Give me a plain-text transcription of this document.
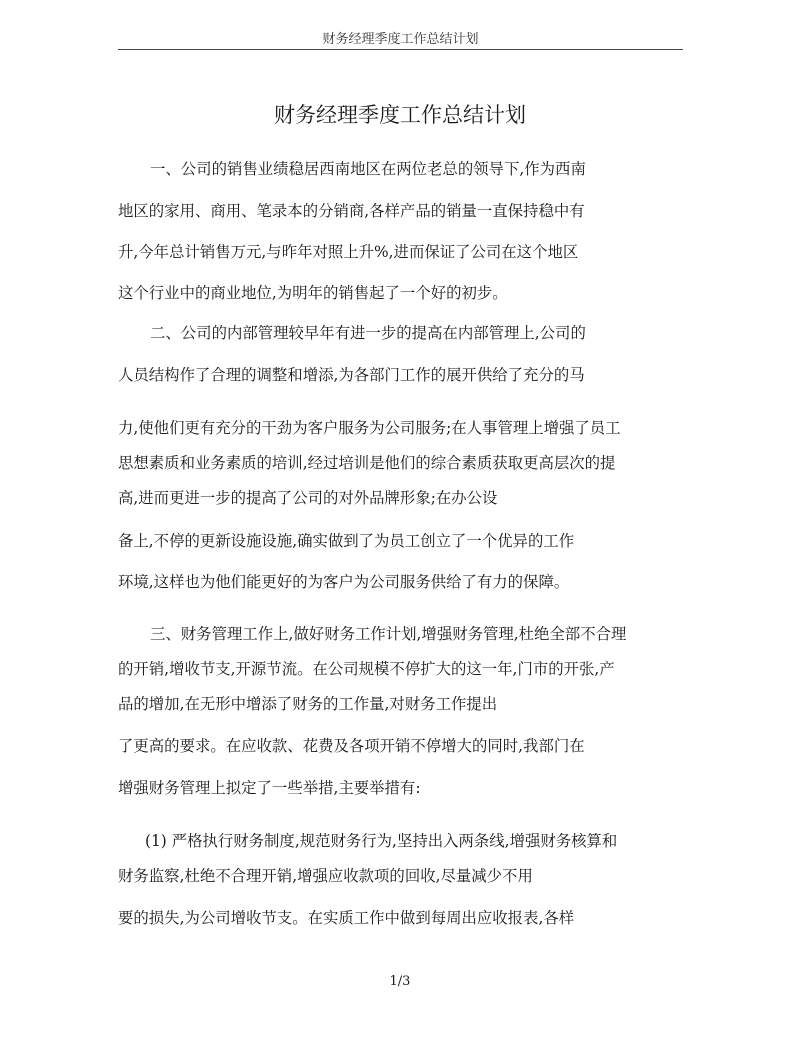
财务经理季度工作总结计划
财务经理季度工作总结计划
一、公司的销售业绩稳居西南地区在两位老总的领导下,作为西南
地区的家用、商用、笔录本的分销商,各样产品的销量一直保持稳中有
升,今年总计销售万元,与昨年对照上升%,进而保证了公司在这个地区
这个行业中的商业地位,为明年的销售起了一个好的初步。
二、公司的内部管理较早年有进一步的提高在内部管理上,公司的
人员结构作了合理的调整和增添,为各部门工作的展开供给了充分的马
力,使他们更有充分的干劲为客户服务为公司服务;在人事管理上增强了员工
思想素质和业务素质的培训,经过培训是他们的综合素质获取更高层次的提
高,进而更进一步的提高了公司的对外品牌形象;在办公设
备上,不停的更新设施设施,确实做到了为员工创立了一个优异的工作
环境,这样也为他们能更好的为客户为公司服务供给了有力的保障。
三、财务管理工作上,做好财务工作计划,增强财务管理,杜绝全部不合理
的开销,增收节支,开源节流。在公司规模不停扩大的这一年,门市的开张,产
品的增加,在无形中增添了财务的工作量,对财务工作提出
了更高的要求。在应收款、花费及各项开销不停增大的同时,我部门在
增强财务管理上拟定了一些举措,主要举措有:
(1) 严格执行财务制度,规范财务行为,坚持出入两条线,增强财务核算和
财务监察,杜绝不合理开销,增强应收款项的回收,尽量减少不用
要的损失,为公司增收节支。在实质工作中做到每周出应收报表,各样
1/3
